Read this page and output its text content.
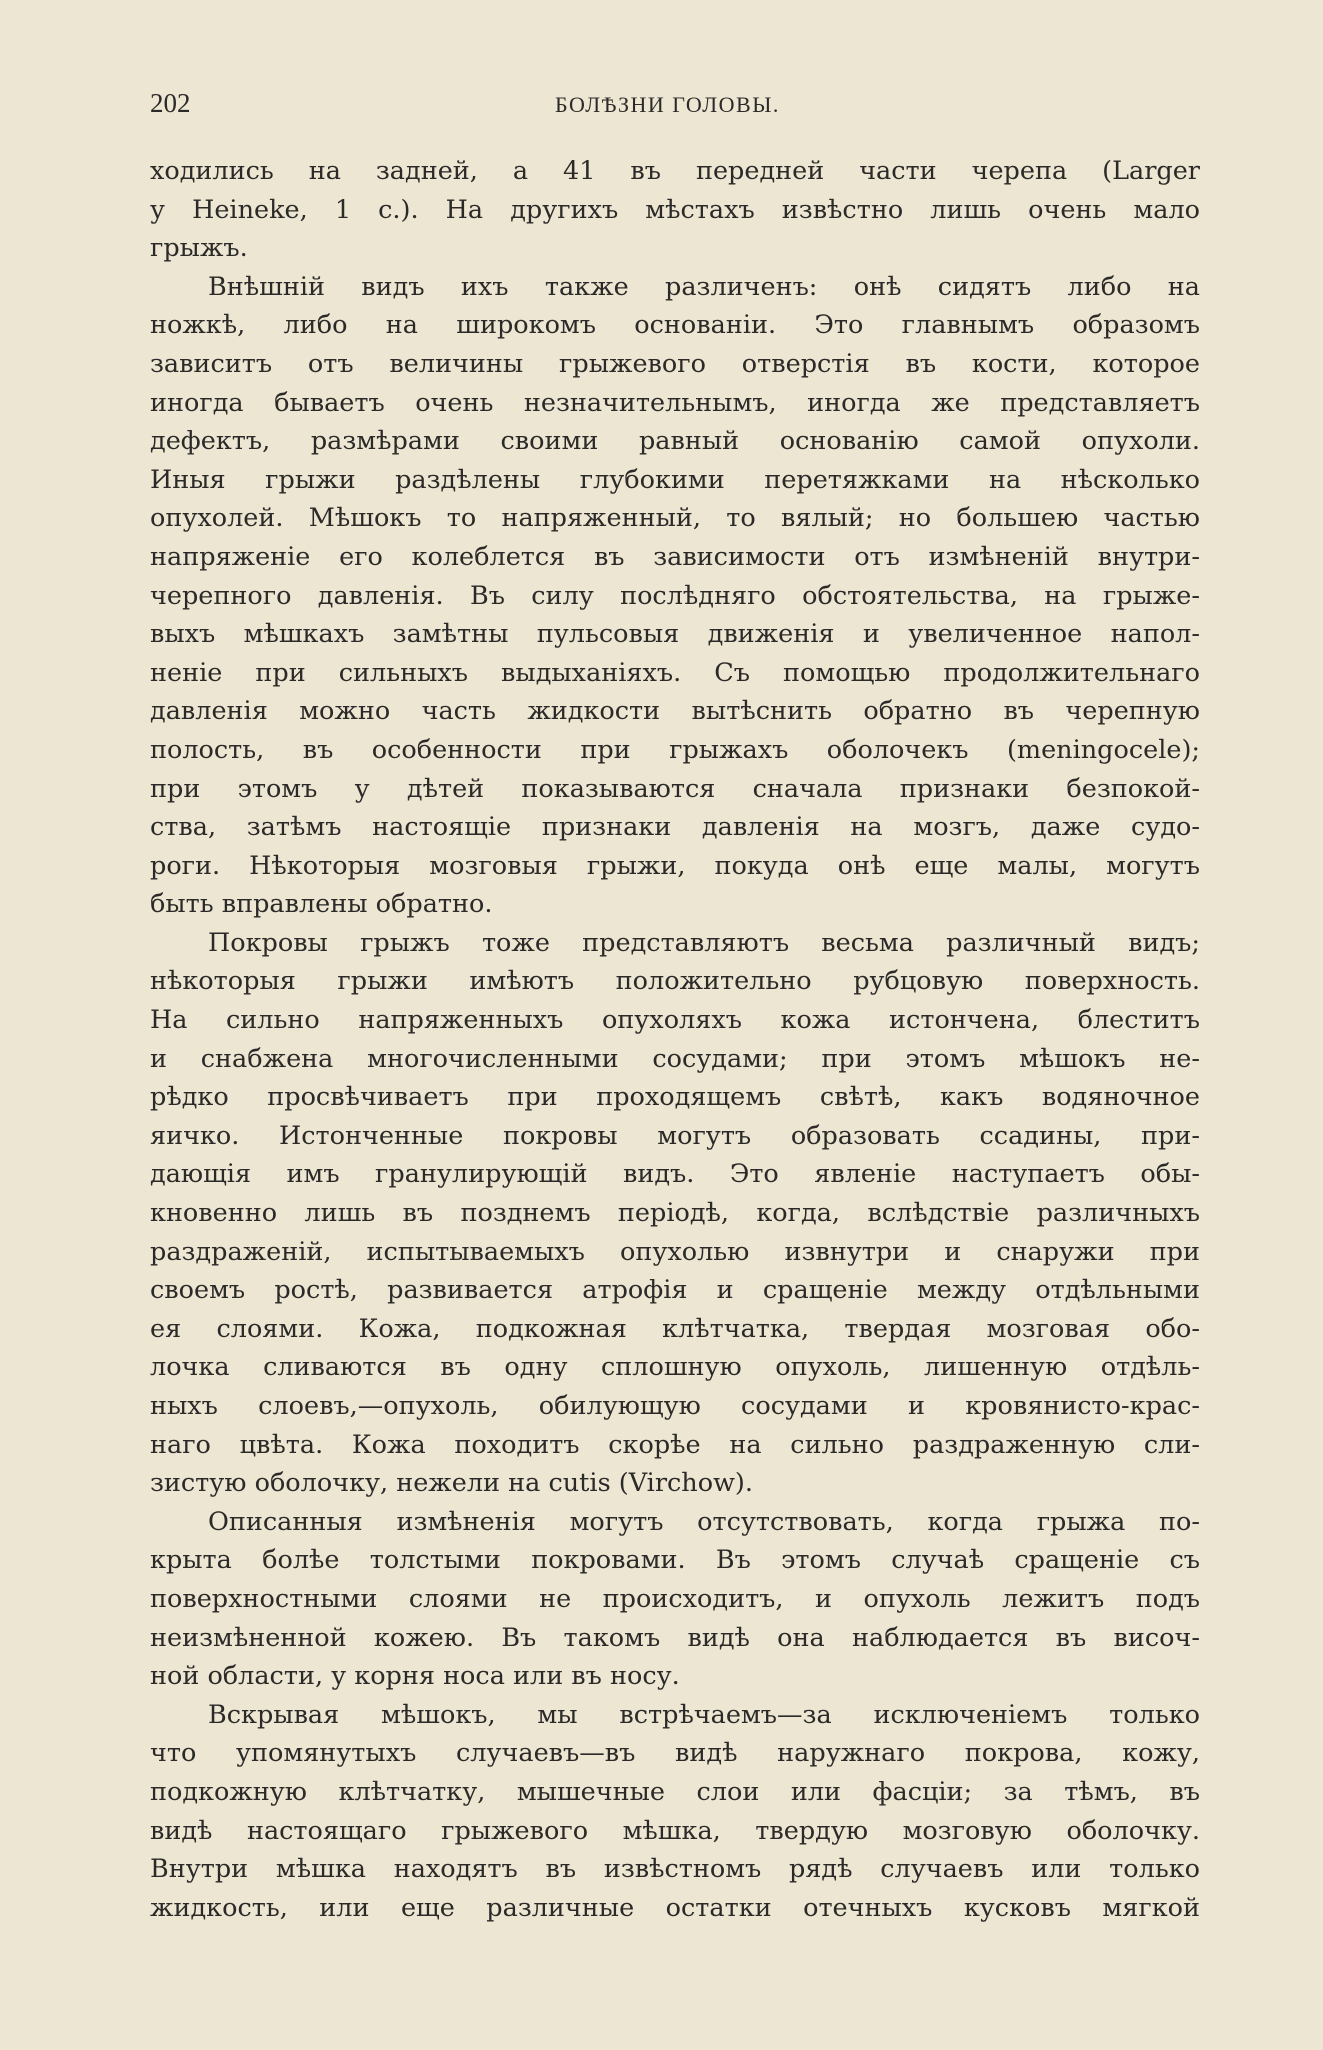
202	БОЛѢЗНИ ГОЛОВЫ.
ходились на задней, а 41 въ передней части черепа (Larger
у Heineke, 1 с.). На другихъ мѣстахъ извѣстно лишь очень мало
грыжъ.
Внѣшній видъ ихъ также различенъ: онѣ сидятъ либо на
ножкѣ, либо на широкомъ основаніи. Это главнымъ образомъ
зависитъ отъ величины грыжевого отверстія въ кости, которое
иногда бываетъ очень незначительнымъ, иногда же представляетъ
дефектъ, размѣрами своими равный основанію самой опухоли.
Иныя грыжи раздѣлены глубокими перетяжками на нѣсколько
опухолей. Мѣшокъ то напряженный, то вялый; но большею частью
напряженіе его колеблется въ зависимости отъ измѣненій внутри-
черепного давленія. Въ силу послѣдняго обстоятельства, на грыже-
выхъ мѣшкахъ замѣтны пульсовыя движенія и увеличенное напол-
неніе при сильныхъ выдыханіяхъ. Съ помощью продолжительнаго
давленія можно часть жидкости вытѣснить обратно въ черепную
полость, въ особенности при грыжахъ оболочекъ (meningocele);
при этомъ у дѣтей показываются сначала признаки безпокой-
ства, затѣмъ настоящіе признаки давленія на мозгъ, даже судо-
роги. Нѣкоторыя мозговыя грыжи, покуда онѣ еще малы, могутъ
быть вправлены обратно.
Покровы грыжъ тоже представляютъ весьма различный видъ;
нѣкоторыя грыжи имѣютъ положительно рубцовую поверхность.
На сильно напряженныхъ опухоляхъ кожа истончена, блеститъ
и снабжена многочисленными сосудами; при этомъ мѣшокъ не-
рѣдко просвѣчиваетъ при проходящемъ свѣтѣ, какъ водяночное
яичко. Истонченные покровы могутъ образовать ссадины, при-
дающія имъ гранулирующій видъ. Это явленіе наступаетъ обы-
кновенно лишь въ позднемъ періодѣ, когда, вслѣдствіе различныхъ
раздраженій, испытываемыхъ опухолью извнутри и снаружи при
своемъ ростѣ, развивается атрофія и сращеніе между отдѣльными
ея слоями. Кожа, подкожная клѣтчатка, твердая мозговая обо-
лочка сливаются въ одну сплошную опухоль, лишенную отдѣль-
ныхъ слоевъ,—опухоль, обилующую сосудами и кровянисто-крас-
наго цвѣта. Кожа походитъ скорѣе на сильно раздраженную сли-
зистую оболочку, нежели на cutis (Virchow).
Описанныя измѣненія могутъ отсутствовать, когда грыжа по-
крыта болѣе толстыми покровами. Въ этомъ случаѣ сращеніе съ
поверхностными слоями не происходитъ, и опухоль лежитъ подъ
неизмѣненной кожею. Въ такомъ видѣ она наблюдается въ височ-
ной области, у корня носа или въ носу.
Вскрывая мѣшокъ, мы встрѣчаемъ—за исключеніемъ только
что упомянутыхъ случаевъ—въ видѣ наружнаго покрова, кожу,
подкожную клѣтчатку, мышечные слои или фасціи; за тѣмъ, въ
видѣ настоящаго грыжевого мѣшка, твердую мозговую оболочку.
Внутри мѣшка находятъ въ извѣстномъ рядѣ случаевъ или только
жидкость, или еще различные остатки отечныхъ кусковъ мягкой
